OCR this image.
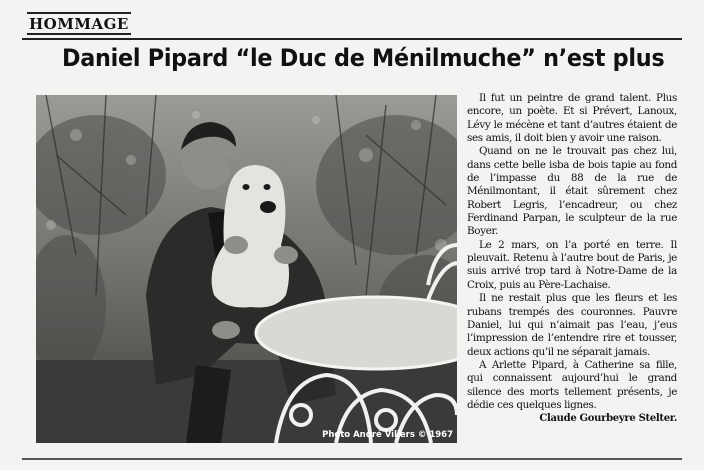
HOMMAGE
Daniel Pipard “le Duc de Ménilmuche” n’est plus
Photo André Villers © 1967

Il fut un peintre de grand talent. Plus encore, un poète. Et si Prévert, Lanoux, Lévy le mécène et tant d’autres étaient de ses amis, il doit bien y avoir une raison.

Quand on ne le trouvait pas chez lui, dans cette belle isba de bois tapie au fond de l’impasse du 88 de la rue de Ménilmontant, il était sûrement chez Robert Legris, l’encadreur, ou chez Ferdinand Parpan, le sculpteur de la rue Boyer.

Le 2 mars, on l’a porté en terre. Il pleuvait. Retenu à l’autre bout de Paris, je suis arrivé trop tard à Notre-Dame de la Croix, puis au Père-Lachaise.

Il ne restait plus que les fleurs et les rubans trempés des couronnes. Pauvre Daniel, lui qui n’aimait pas l’eau, j’eus l’impression de l’entendre rire et tousser, deux actions qu’il ne séparait jamais.

A Arlette Pipard, à Catherine sa fille, qui connaissent aujourd’hui le grand silence des morts tellement présents, je dédie ces quelques lignes.

Claude Gourbeyre Stelter.
